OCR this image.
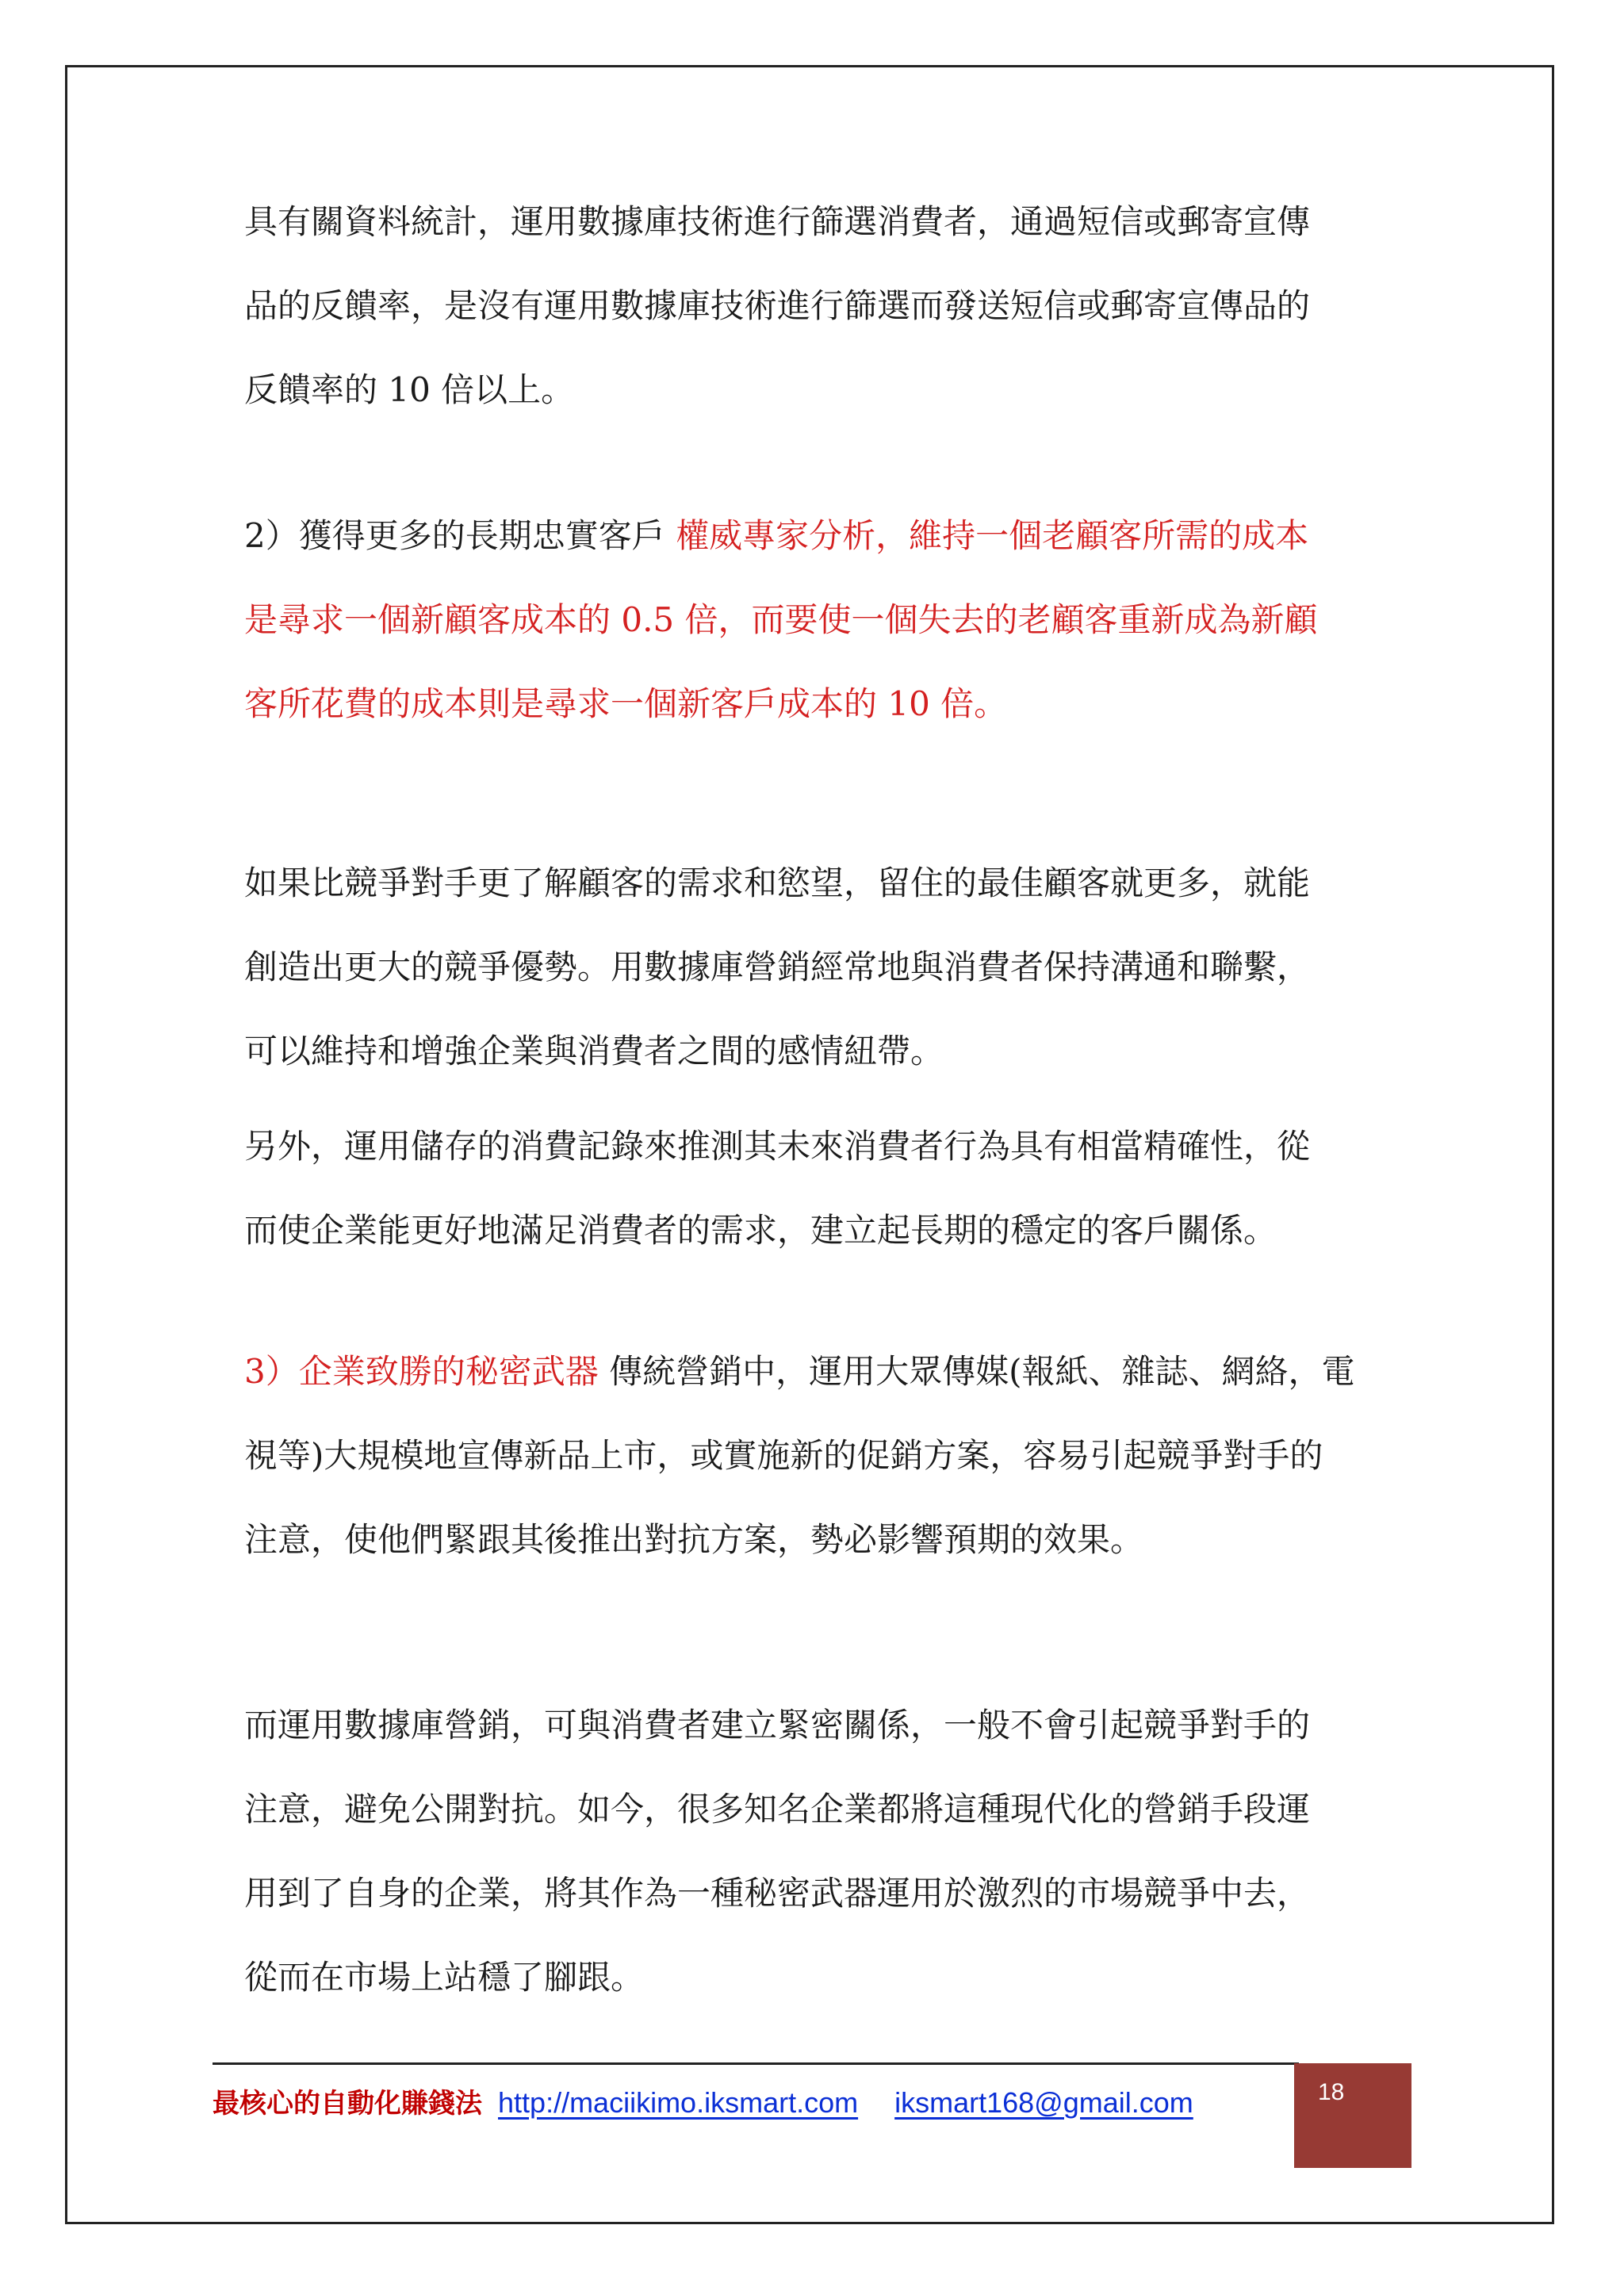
具有關資料統計，運用數據庫技術進行篩選消費者，通過短信或郵寄宣傳
品的反饋率，是沒有運用數據庫技術進行篩選而發送短信或郵寄宣傳品的
反饋率的 10 倍以上。
2）獲得更多的長期忠實客戶 權威專家分析，維持一個老顧客所需的成本
是尋求一個新顧客成本的 0.5 倍，而要使一個失去的老顧客重新成為新顧
客所花費的成本則是尋求一個新客戶成本的 10 倍。
如果比競爭對手更了解顧客的需求和慾望，留住的最佳顧客就更多，就能
創造出更大的競爭優勢。用數據庫營銷經常地與消費者保持溝通和聯繫，
可以維持和增強企業與消費者之間的感情紐帶。
另外，運用儲存的消費記錄來推測其未來消費者行為具有相當精確性，從
而使企業能更好地滿足消費者的需求，建立起長期的穩定的客戶關係。
3）企業致勝的秘密武器 傳統營銷中，運用大眾傳媒(報紙、雜誌、網絡，電
視等)大規模地宣傳新品上市，或實施新的促銷方案，容易引起競爭對手的
注意，使他們緊跟其後推出對抗方案，勢必影響預期的效果。
而運用數據庫營銷，可與消費者建立緊密關係，一般不會引起競爭對手的
注意，避免公開對抗。如今，很多知名企業都將這種現代化的營銷手段運
用到了自身的企業，將其作為一種秘密武器運用於激烈的市場競爭中去，
從而在市場上站穩了腳跟。
最核心的自動化賺錢法 http://maciikimo.iksmart.com iksmart168@gmail.com	18
